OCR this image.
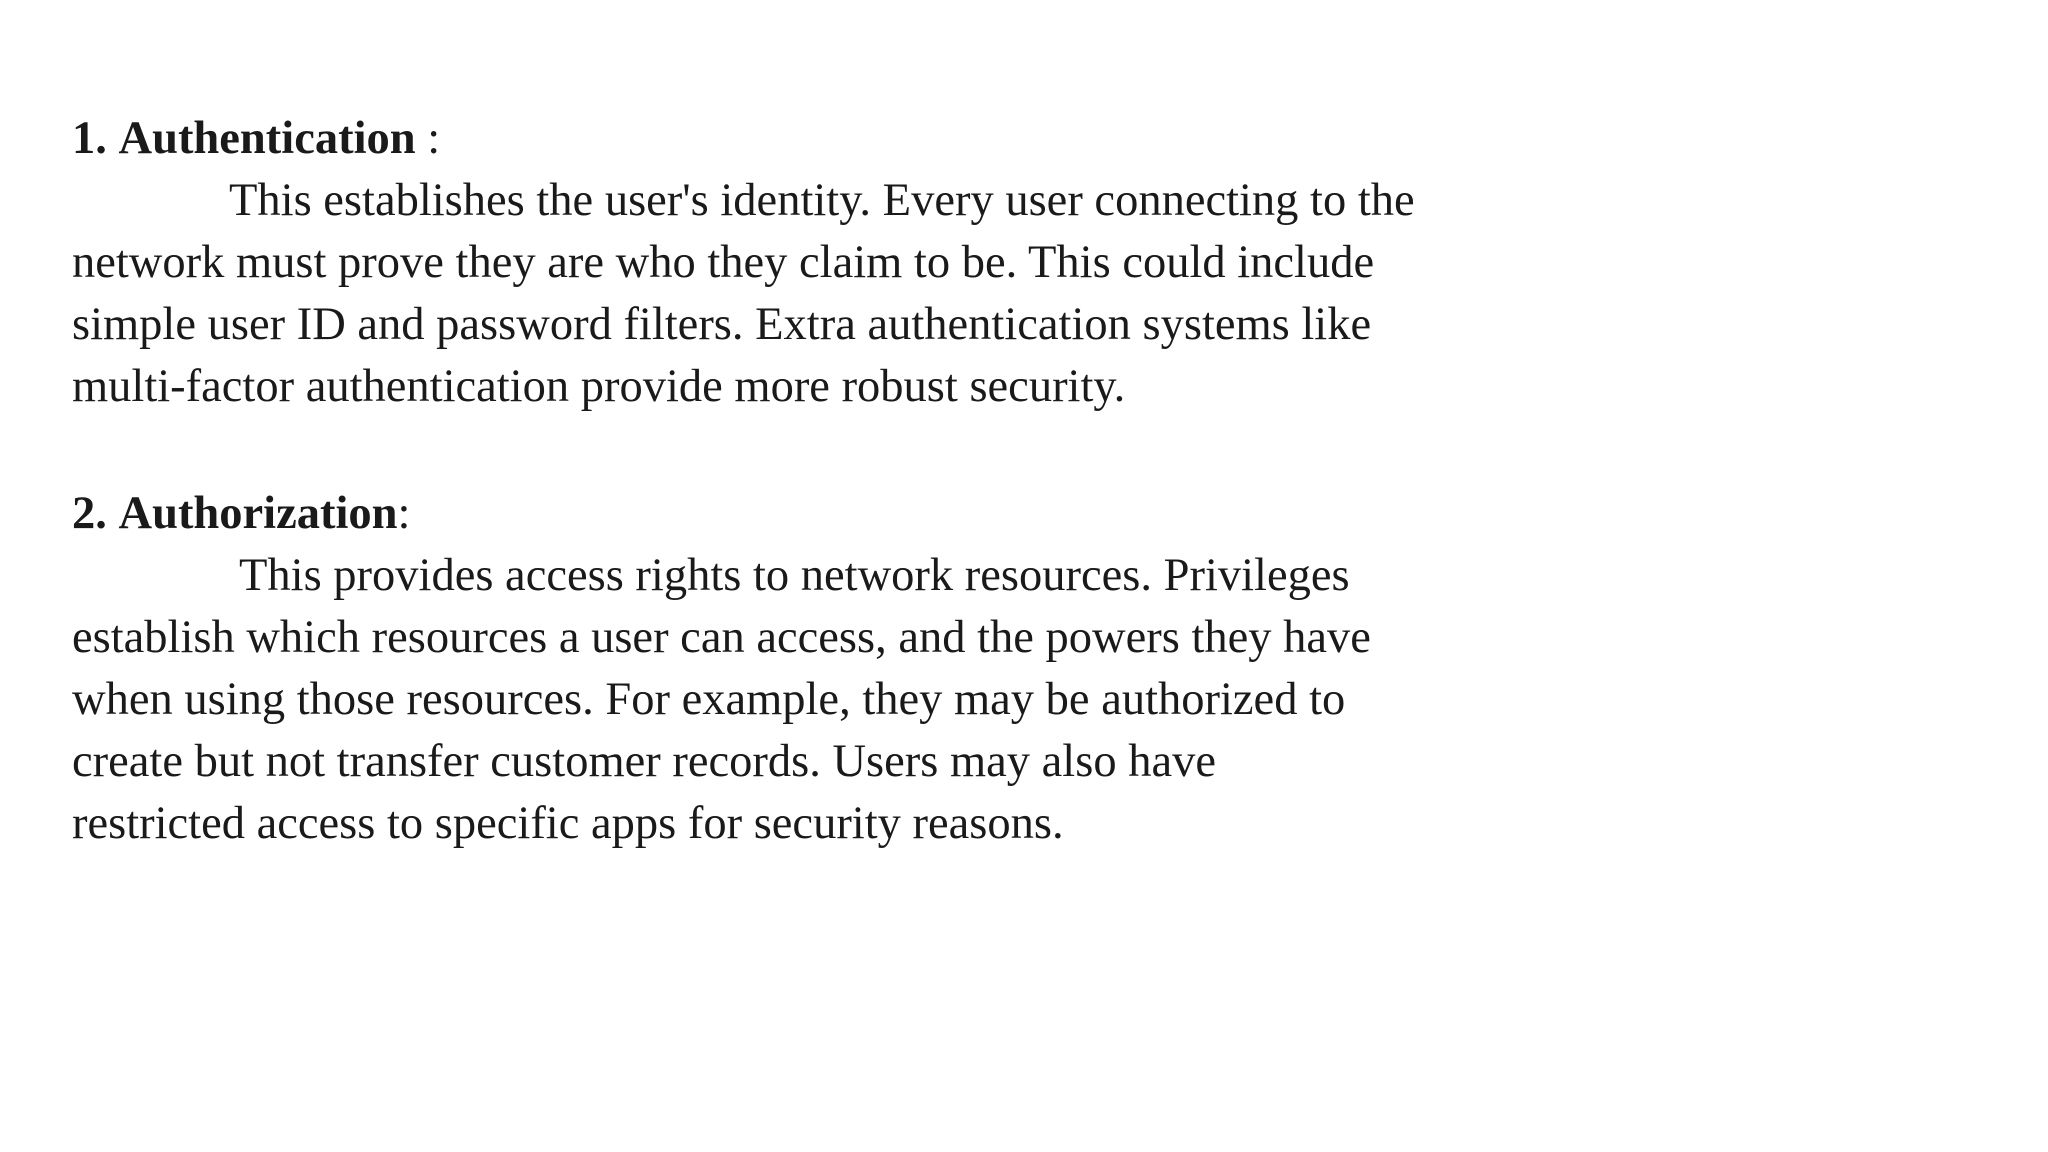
1. Authentication :
This establishes the user's identity. Every user connecting to the
network must prove they are who they claim to be. This could include
simple user ID and password filters. Extra authentication systems like
multi-factor authentication provide more robust security.
2. Authorization:
This provides access rights to network resources. Privileges
establish which resources a user can access, and the powers they have
when using those resources. For example, they may be authorized to
create but not transfer customer records. Users may also have
restricted access to specific apps for security reasons.
